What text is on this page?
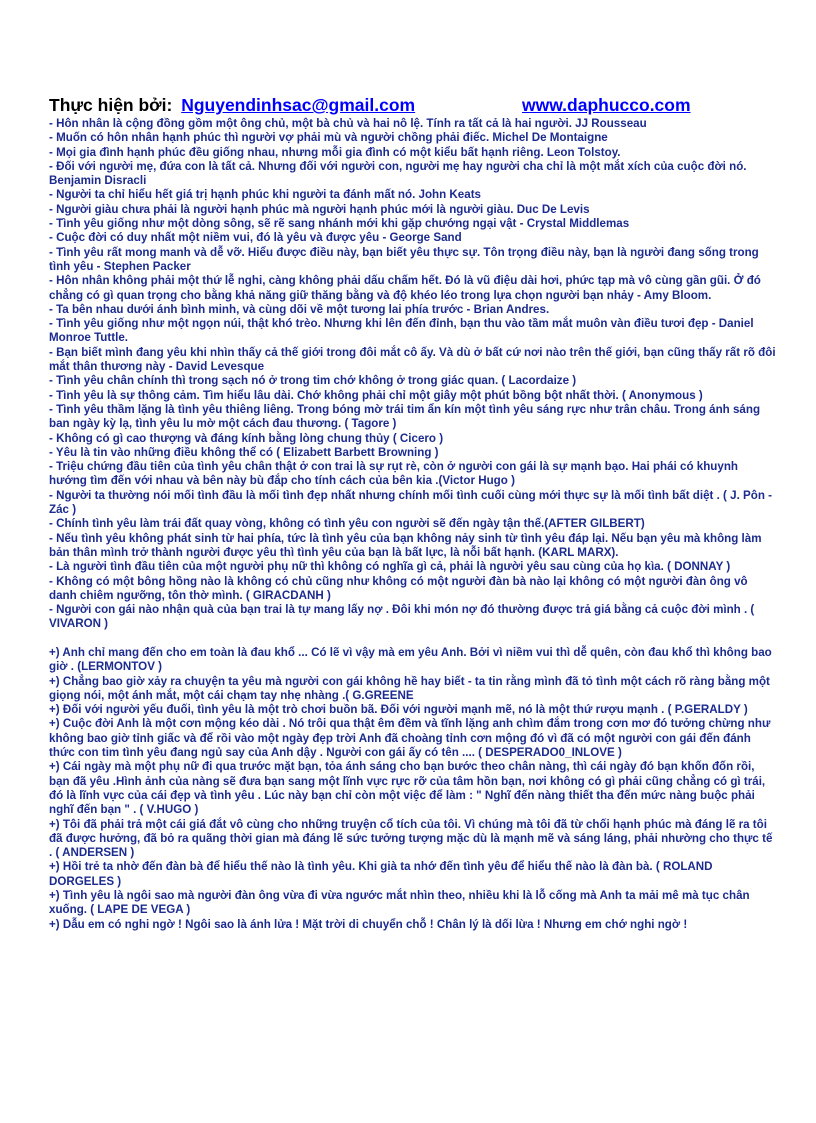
Thực hiện bởi: Nguyendinhsac@gmail.com	www.daphucco.com

- Hôn nhân là cộng đồng gồm một ông chủ, một bà chủ và hai nô lệ. Tính ra tất cả là hai người. JJ Rousseau

- Muốn có hôn nhân hạnh phúc thì người vợ phải mù và người chồng phải điếc. Michel De Montaigne

- Mọi gia đình hạnh phúc đều giống nhau, nhưng mỗi gia đình có một kiểu bất hạnh riêng. Leon Tolstoy.

- Đối với người mẹ, đứa con là tất cả. Nhưng đối với người con, người mẹ hay người cha chỉ là một mắt xích của cuộc đời nó. Benjamin Disracli

- Người ta chỉ hiểu hết giá trị hạnh phúc khi người ta đánh mất nó. John Keats

- Người giàu chưa phải là người hạnh phúc mà người hạnh phúc mới là người giàu. Duc De Levis

- Tình yêu giống như một dòng sông, sẽ rẽ sang nhánh mới khi gặp chướng ngại vật - Crystal Middlemas

- Cuộc đời có duy nhất một niềm vui, đó là yêu và được yêu - George Sand

- Tình yêu rất mong manh và dễ vỡ. Hiểu được điều này, bạn biết yêu thực sự. Tôn trọng điều này, bạn là người đang sống trong tình yêu - Stephen Packer

- Hôn nhân không phải một thứ lễ nghi, càng không phải dấu chấm hết. Đó là vũ điệu dài hơi, phức tạp mà vô cùng gần gũi. Ở đó chẳng có gì quan trọng cho bằng khả năng giữ thăng bằng và độ khéo léo trong lựa chọn người bạn nhảy - Amy Bloom.

- Ta bên nhau dưới ánh bình minh, và cùng dõi về một tương lai phía trước - Brian Andres.

- Tình yêu giống như một ngọn núi, thật khó trèo. Nhưng khi lên đến đỉnh, bạn thu vào tầm mắt muôn vàn điều tươi đẹp - Daniel Monroe Tuttle.

- Bạn biết mình đang yêu khi nhìn thấy cả thế giới trong đôi mắt cô ấy. Và dù ở bất cứ nơi nào trên thế giới, bạn cũng thấy rất rõ đôi mắt thân thương này - David Levesque

- Tình yêu chân chính thì trong sạch nó ở trong tim chớ không ở trong giác quan. ( Lacordaize )

- Tình yêu là sự thông cảm. Tìm hiểu lâu dài. Chớ không phải chỉ một giây một phút bồng bột nhất thời. ( Anonymous )

- Tình yêu thầm lặng là tình yêu thiêng liêng. Trong bóng mờ trái tim ẩn kín một tình yêu sáng rực như trân châu. Trong ánh sáng ban ngày kỳ lạ, tình yêu lu mờ một cách đau thương. ( Tagore )

- Không có gì cao thượng và đáng kính bằng lòng chung thủy ( Cicero )

- Yêu là tin vào những điều không thể có ( Elizabett Barbett Browning )

- Triệu chứng đầu tiên của tình yêu chân thật ở con trai là sự rụt rè, còn ở người con gái là sự mạnh bạo. Hai phái có khuynh hướng tìm đến với nhau và bên này bù đắp cho tính cách của bên kia .(Victor Hugo )

- Người ta thường nói mối tình đầu là mối tình đẹp nhất nhưng chính mối tình cuối cùng mới thực sự là mối tình bất diệt . ( J. Pôn - Zác )

- Chính tình yêu làm trái đất quay vòng, không có tình yêu con người sẽ đến ngày tận thế.(AFTER GILBERT)

- Nếu tình yêu không phát sinh từ hai phía, tức là tình yêu của bạn không nảy sinh từ tình yêu đáp lại. Nếu bạn yêu mà không làm bản thân mình trở thành người được yêu thì tình yêu của bạn là bất lực, là nỗi bất hạnh. (KARL MARX).

- Là người tình đầu tiên của một người phụ nữ thì không có nghĩa gì cả, phải là người yêu sau cùng của họ kìa. ( DONNAY )

- Không có một bông hồng nào là không có chủ cũng như không có một người đàn bà nào lại không có một người đàn ông vô danh chiêm ngưỡng, tôn thờ mình. ( GIRACDANH )

- Người con gái nào nhận quà của bạn trai là tự mang lấy nợ . Đôi khi món nợ đó thường được trả giá bằng cả cuộc đời mình . ( VIVARON )

+) Anh chỉ mang đến cho em toàn là đau khổ ... Có lẽ vì vậy mà em yêu Anh. Bởi vì niềm vui thì dễ quên, còn đau khổ thì không bao giờ . (LERMONTOV )

+) Chẳng bao giờ xảy ra chuyện ta yêu mà người con gái không hề hay biết - ta tin rằng mình đã tỏ tình một cách rõ ràng bằng một giọng nói, một ánh mắt, một cái chạm tay nhẹ nhàng .( G.GREENE

+) Đối với người yếu đuối, tình yêu là một trò chơi buồn bã. Đối với người mạnh mẽ, nó là một thứ rượu mạnh . ( P.GERALDY )

+) Cuộc đời Anh là một cơn mộng kéo dài . Nó trôi qua thật êm đềm và tĩnh lặng anh chìm đắm trong cơn mơ đó tưởng chừng như không bao giờ tỉnh giấc và để rồi vào một ngày đẹp trời Anh đã choàng tỉnh cơn mộng đó vì đã có một người con gái đến đánh thức con tim tình yêu đang ngủ say của Anh dậy . Người con gái ấy có tên .... ( DESPERADO0_INLOVE )

+) Cái ngày mà một phụ nữ đi qua trước mặt bạn, tỏa ánh sáng cho bạn bước theo chân nàng, thì cái ngày đó bạn khốn đốn rồi, bạn đã yêu .Hình ảnh của nàng sẽ đưa bạn sang một lĩnh vực rực rỡ của tâm hồn bạn, nơi không có gì phải cũng chẳng có gì trái, đó là lĩnh vực của cái đẹp và tình yêu . Lúc này bạn chỉ còn một việc để làm : " Nghĩ đến nàng thiết tha đến mức nàng buộc phải nghĩ đến bạn " . ( V.HUGO )

+) Tôi đã phải trả một cái giá đắt vô cùng cho những truyện cổ tích của tôi. Vì chúng mà tôi đã từ chối hạnh phúc mà đáng lẽ ra tôi đã được hưởng, đã bỏ ra quãng thời gian mà đáng lẽ sức tưởng tượng mặc dù là mạnh mẽ và sáng láng, phải nhường cho thực tế . ( ANDERSEN )

+) Hồi trẻ ta nhờ đến đàn bà để hiểu thế nào là tình yêu. Khi già ta nhớ đến tình yêu để hiểu thế nào là đàn bà. ( ROLAND DORGELES )

+) Tình yêu là ngôi sao mà người đàn ông vừa đi vừa ngước mắt nhìn theo, nhiều khi là lỗ cống mà Anh ta mải mê mà tục chân xuống. ( LAPE DE VEGA )

+) Dẫu em có nghi ngờ ! Ngôi sao là ánh lửa ! Mặt trời di chuyển chỗ ! Chân lý là dối lừa ! Nhưng em chớ nghi ngờ !
